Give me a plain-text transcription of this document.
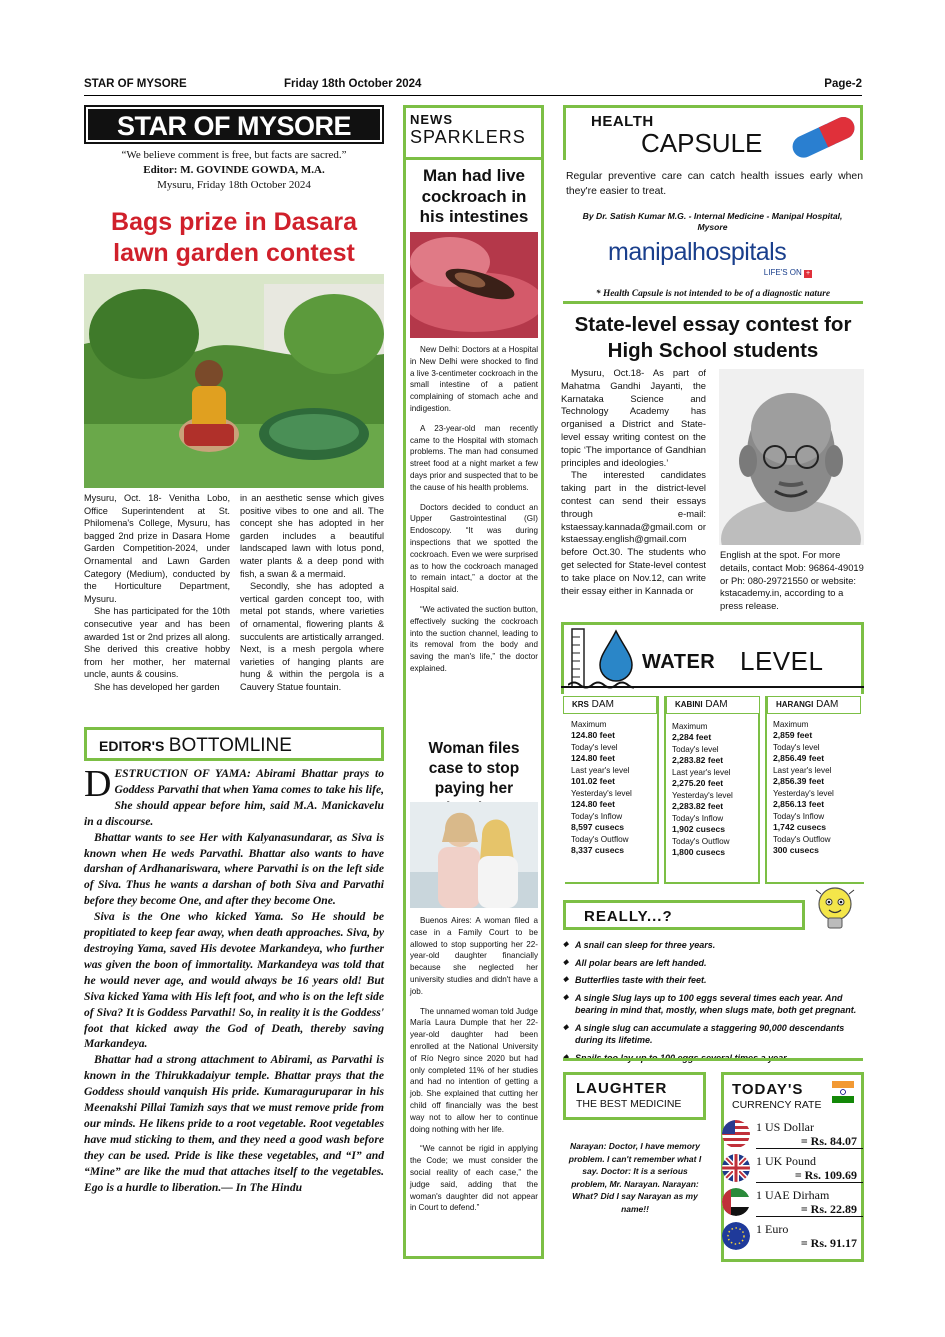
STAR OF MYSORE	Friday 18th October 2024	Page-2
STAR OF MYSORE
“We believe comment is free, but facts are sacred.”
Editor: M. GOVINDE GOWDA, M.A.
Mysuru, Friday 18th October 2024
Bags prize in Dasara lawn garden contest

Mysuru, Oct. 18- Venitha Lobo, Office Superintendent at St. Philomena's College, Mysuru, has bagged 2nd prize in Dasara Home Garden Competition-2024, under Ornamental and Lawn Garden Category (Medium), conducted by the Horticulture Department, Mysuru.

She has participated for the 10th consecutive year and has been awarded 1st or 2nd prizes all along. She derived this creative hobby from her mother, her maternal uncle, aunts & cousins.

She has developed her garden

in an aesthetic sense which gives positive vibes to one and all. The concept she has adopted in her garden includes a beautiful landscaped lawn with lotus pond, water plants & a deep pond with fish, a swan & a mermaid.

Secondly, she has adopted a vertical garden concept too, with metal pot stands, where varieties of ornamental, flowering plants & succulents are artistically arranged. Next, is a mesh pergola where varieties of hanging plants are hung & within the pergola is a Cauvery Statue fountain.

EDITOR'S BOTTOMLINE
D ESTRUCTION OF YAMA: Abirami Bhattar prays to Goddess Parvathi that when Yama comes to take his life, She should appear before him, said M.A. Manickavelu in a discourse.

Bhattar wants to see Her with Kalyanasundarar, as Siva is known when He weds Parvathi. Bhattar also wants to have darshan of Ardhanariswara, where Parvathi is on the left side of Siva. Thus he wants a darshan of both Siva and Parvathi before they become One, and after they become One.

Siva is the One who kicked Yama. So He should be propitiated to keep fear away, when death approaches. Siva, by destroying Yama, saved His devotee Markandeya, who further was given the boon of immortality. Markandeya was told that he would never age, and would always be 16 years old! But Siva kicked Yama with His left foot, and who is on the left side of Siva? It is Goddess Parvathi! So, in reality it is the Goddess' foot that kicked away the God of Death, thereby saving Markandeya.

Bhattar had a strong attachment to Abirami, as Parvathi is known in the Thirukkadaiyur temple. Bhattar prays that the Goddess should vanquish His pride. Kumaraguruparar in his Meenakshi Pillai Tamizh says that we must remove pride from our minds. He likens pride to a root vegetable. Root vegetables have mud sticking to them, and they need a good wash before they can be used. Pride is like these vegetables, and “I” and “Mine” are like the mud that attaches itself to the vegetables. Ego is a hurdle to liberation.— In The Hindu

NEWS
SPARKLERS
Man had live cockroach in his intestines

New Delhi: Doctors at a Hospital in New Delhi were shocked to find a live 3-centimeter cockroach in the small intestine of a patient complaining of stomach ache and indigestion.

A 23-year-old man recently came to the Hospital with stomach problems. The man had consumed street food at a night market a few days prior and suspected that to be the cause of his health problems.

Doctors decided to conduct an Upper Gastrointestinal (GI) Endoscopy. “It was during inspections that we spotted the cockroach. Even we were surprised as to how the cockroach managed to remain intact,” a doctor at the Hospital said.

“We activated the suction button, effectively sucking the cockroach into the suction channel, leading to its removal from the body and saving the man's life,” the doctor explained.

Woman files case to stop paying her

Buenos Aires: A woman filed a case in a Family Court to be allowed to stop supporting her 22-year-old daughter financially because she neglected her university studies and didn't have a job.

The unnamed woman told Judge María Laura Dumple that her 22-year-old daughter had been enrolled at the National University of Río Negro since 2020 but had only completed 11% of her studies and had no intention of getting a job. She explained that cutting her child off financially was the best way not to allow her to continue doing nothing with her life.

“We cannot be rigid in applying the Code; we must consider the social reality of each case,” the judge said, adding that the woman's daughter did not appear in Court to defend.”

HEALTH
CAPSULE
Regular preventive care can catch health issues early when they're easier to treat.
By Dr. Satish Kumar M.G. - Internal Medicine - Manipal Hospital, Mysore
manipalhospitals
LIFE'S ON +
* Health Capsule is not intended to be of a diagnostic nature
State-level essay contest for High School students

Mysuru, Oct.18- As part of Mahatma Gandhi Jayanti, the Karnataka Science and Technology Academy has organised a District and State-level essay writing contest on the topic ‘The importance of Gandhian principles and ideologies.’

The interested candidates taking part in the district-level contest can send their essays through e-mail: kstaessay.kannada@gmail.com or kstaessay.english@gmail.com before Oct.30. The students who get selected for State-level contest to take place on Nov.12, can write their essay either in Kannada or

English at the spot. For more details, contact Mob: 96864-49019 or Ph: 080-29721550 or website: kstacademy.in, according to a press release.
WATER LEVEL
KRS DAM
Maximum
124.80 feet
Today's level
124.80 feet
Last year's level
101.02 feet
Yesterday's level
124.80 feet
Today's Inflow
8,597 cusecs
Today's Outflow
8,337 cusecs
KABINI DAM
Maximum
2,284 feet
Today's level
2,283.82 feet
Last year's level
2,275.20 feet
Yesterday's level
2,283.82 feet
Today's Inflow
1,902 cusecs
Today's Outflow
1,800 cusecs
HARANGI DAM
Maximum
2,859 feet
Today's level
2,856.49 feet
Last year's level
2,856.39 feet
Yesterday's level
2,856.13 feet
Today's Inflow
1,742 cusecs
Today's Outflow
300 cusecs
REALLY...?
◆ A snail can sleep for three years.
◆ All polar bears are left handed.
◆ Butterflies taste with their feet.
◆ A single Slug lays up to 100 eggs several times each year. And bearing in mind that, mostly, when slugs mate, both get pregnant.
◆ A single slug can accumulate a staggering 90,000 descendants during its lifetime.
◆
LAUGHTER
THE BEST MEDICINE
Narayan: Doctor, I have memory problem. I can't remember what I say. Doctor: It is a serious problem, Mr. Narayan. Narayan: What? Did I say Narayan as my name!!
TODAY'S
CURRENCY RATE
1 US Dollar
= Rs. 84.07
1 UK Pound
= Rs. 109.69
1 UAE Dirham
= Rs. 22.89
1 Euro
= Rs. 91.17
